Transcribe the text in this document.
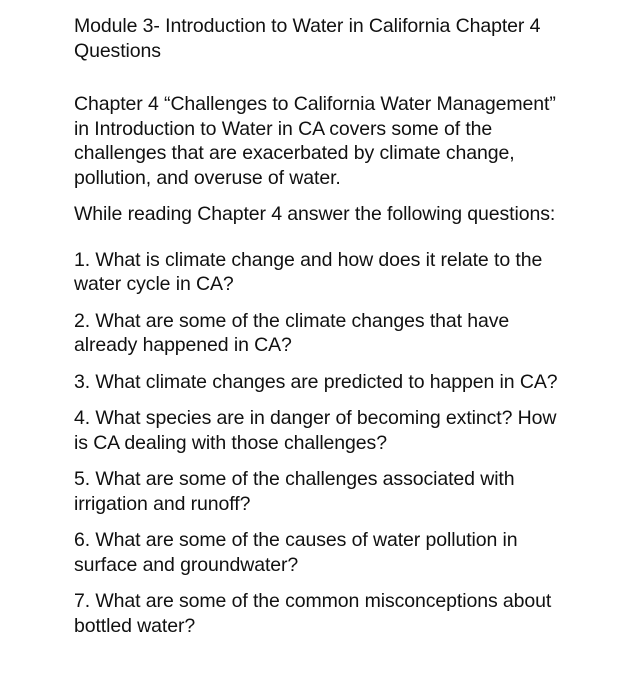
Module 3- Introduction to Water in California Chapter 4 Questions

Chapter 4 “Challenges to California Water Management” in Introduction to Water in CA covers some of the challenges that are exacerbated by climate change, pollution, and overuse of water.

While reading Chapter 4 answer the following questions:

1. What is climate change and how does it relate to the water cycle in CA?

2. What are some of the climate changes that have already happened in CA?

3. What climate changes are predicted to happen in CA?

4. What species are in danger of becoming extinct? How is CA dealing with those challenges?

5. What are some of the challenges associated with irrigation and runoff?

6. What are some of the causes of water pollution in surface and groundwater?

7. What are some of the common misconceptions about bottled water?
